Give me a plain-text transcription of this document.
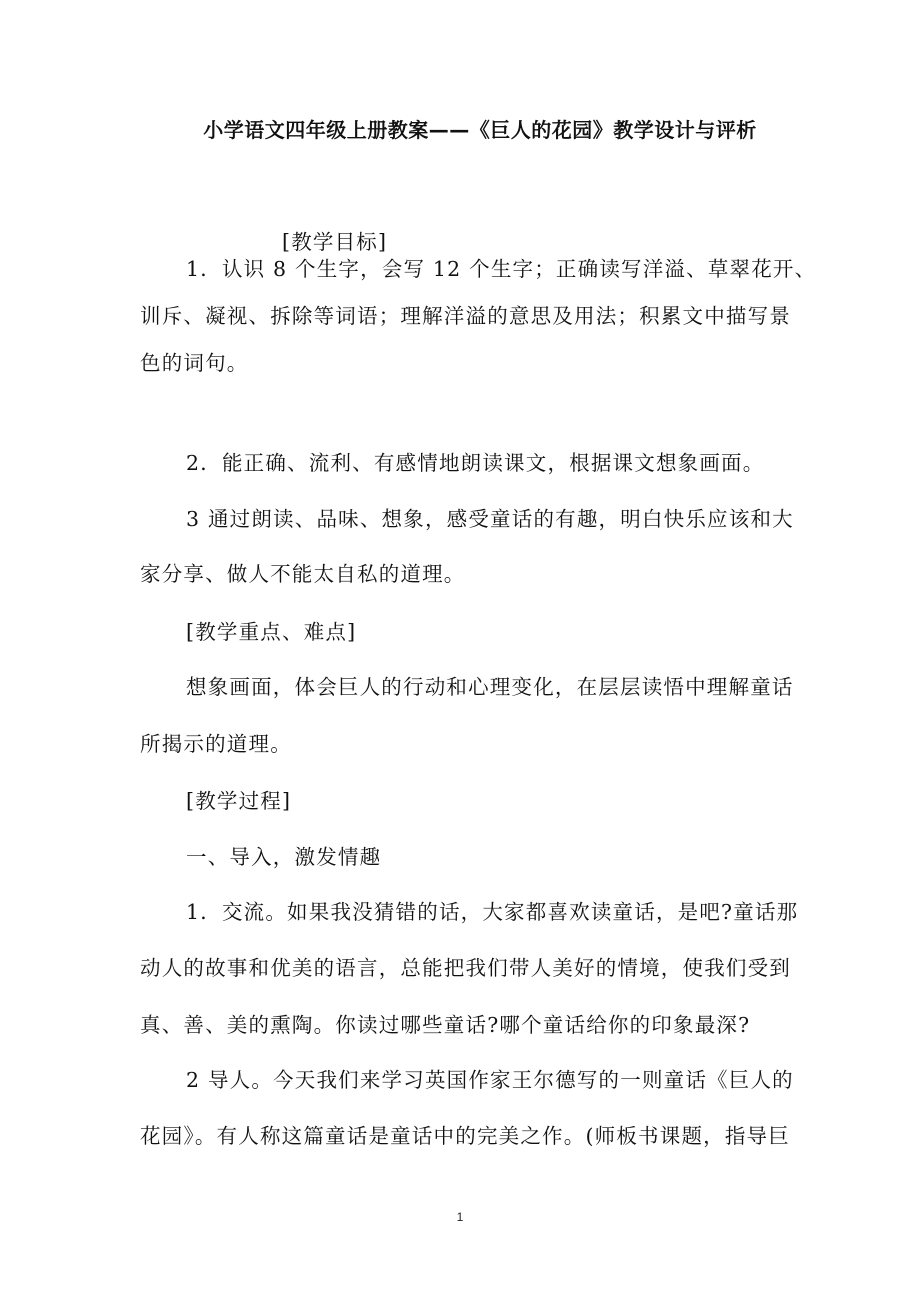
小学语文四年级上册教案——《巨人的花园》教学设计与评析
[教学目标]
1．认识 8 个生字，会写 12 个生字；正确读写洋溢、草翠花开、
训斥、凝视、拆除等词语；理解洋溢的意思及用法；积累文中描写景
色的词句。
2．能正确、流利、有感情地朗读课文，根据课文想象画面。
3 通过朗读、品味、想象，感受童话的有趣，明白快乐应该和大
家分享、做人不能太自私的道理。
[教学重点、难点]
想象画面，体会巨人的行动和心理变化，在层层读悟中理解童话
所揭示的道理。
[教学过程]
一、导入，激发情趣
1．交流。如果我没猜错的话，大家都喜欢读童话，是吧?童话那
动人的故事和优美的语言，总能把我们带人美好的情境，使我们受到
真、善、美的熏陶。你读过哪些童话?哪个童话给你的印象最深?
2 导人。今天我们来学习英国作家王尔德写的一则童话《巨人的
花园》。有人称这篇童话是童话中的完美之作。(师板书课题，指导巨
1
